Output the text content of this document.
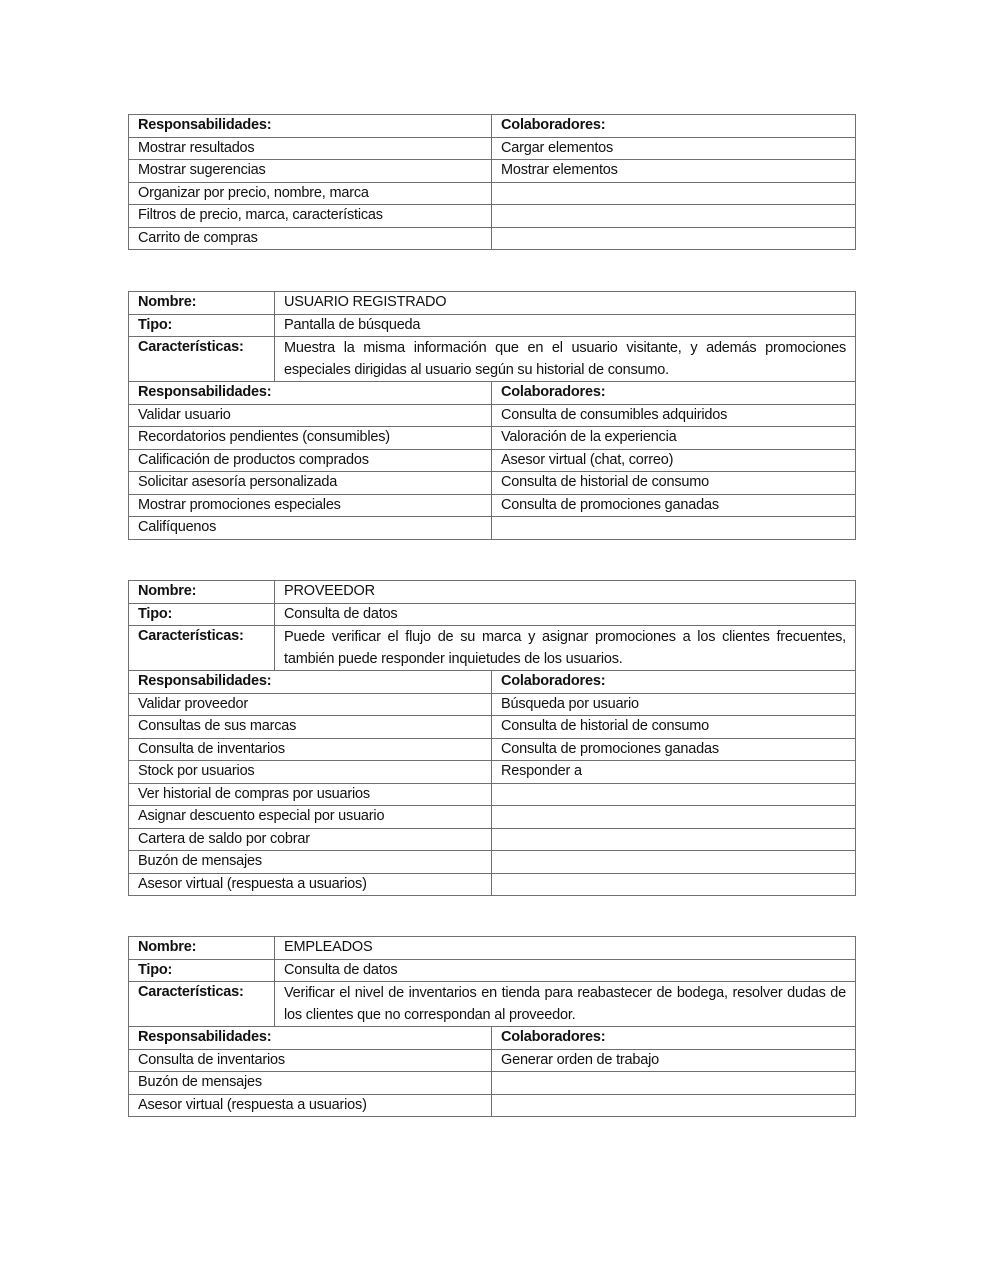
Responsabilidades:	Colaboradores:
Mostrar resultados	Cargar elementos
Mostrar sugerencias	Mostrar elementos
Organizar por precio, nombre, marca	
Filtros de precio, marca, características	
Carrito de compras	
Nombre:	USUARIO REGISTRADO	
Tipo:	Pantalla de búsqueda	
Características:	Muestra la misma información que en el usuario visitante, y además promociones especiales dirigidas al usuario según su historial de consumo.	
Responsabilidades:		Colaboradores:
Validar usuario		Consulta de consumibles adquiridos
Recordatorios pendientes (consumibles)		Valoración de la experiencia
Calificación de productos comprados		Asesor virtual (chat, correo)
Solicitar asesoría personalizada		Consulta de historial de consumo
Mostrar promociones especiales		Consulta de promociones ganadas
Califíquenos		
Nombre:	PROVEEDOR	
Tipo:	Consulta de datos	
Características:	Puede verificar el flujo de su marca y asignar promociones a los clientes frecuentes, también puede responder inquietudes de los usuarios.	
Responsabilidades:		Colaboradores:
Validar proveedor		Búsqueda por usuario
Consultas de sus marcas		Consulta de historial de consumo
Consulta de inventarios		Consulta de promociones ganadas
Stock por usuarios		Responder a
Ver historial de compras por usuarios		
Asignar descuento especial por usuario		
Cartera de saldo por cobrar		
Buzón de mensajes		
Asesor virtual (respuesta a usuarios)		
Nombre:	EMPLEADOS	
Tipo:	Consulta de datos	
Características:	Verificar el nivel de inventarios en tienda para reabastecer de bodega, resolver dudas de los clientes que no correspondan al proveedor.	
Responsabilidades:		Colaboradores:
Consulta de inventarios		Generar orden de trabajo
Buzón de mensajes		
Asesor virtual (respuesta a usuarios)		
